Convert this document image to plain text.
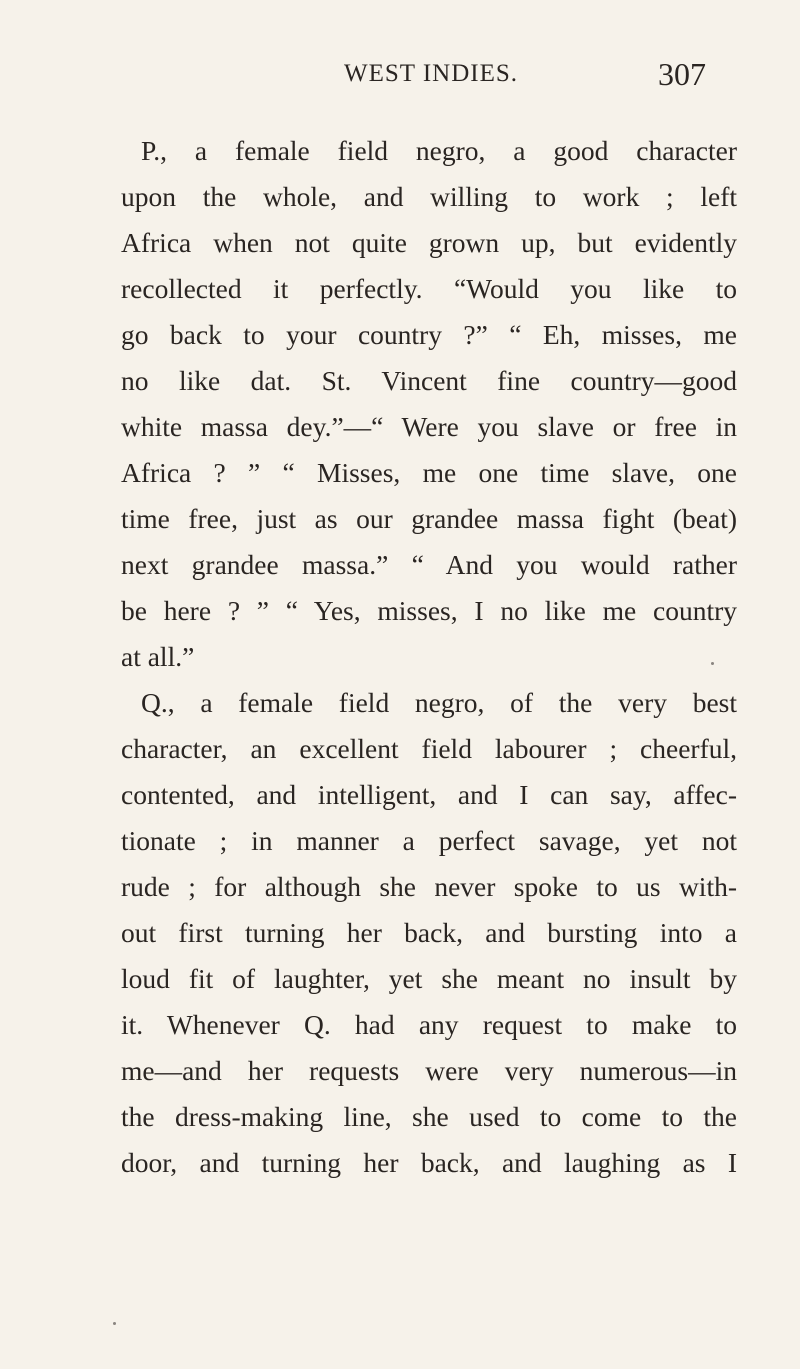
WEST INDIES.	307
P., a female field negro, a good character
upon the whole, and willing to work ; left
Africa when not quite grown up, but evidently
recollected it perfectly. “Would you like to
go back to your country ?” “ Eh, misses, me
no like dat. St. Vincent fine country—good
white massa dey.”—“ Were you slave or free in
Africa ? ” “ Misses, me one time slave, one
time free, just as our grandee massa fight (beat)
next grandee massa.” “ And you would rather
be here ? ” “ Yes, misses, I no like me country
at all.”
Q., a female field negro, of the very best
character, an excellent field labourer ; cheerful,
contented, and intelligent, and I can say, affec-
tionate ; in manner a perfect savage, yet not
rude ; for although she never spoke to us with-
out first turning her back, and bursting into a
loud fit of laughter, yet she meant no insult by
it. Whenever Q. had any request to make to
me—and her requests were very numerous—in
the dress-making line, she used to come to the
door, and turning her back, and laughing as I
